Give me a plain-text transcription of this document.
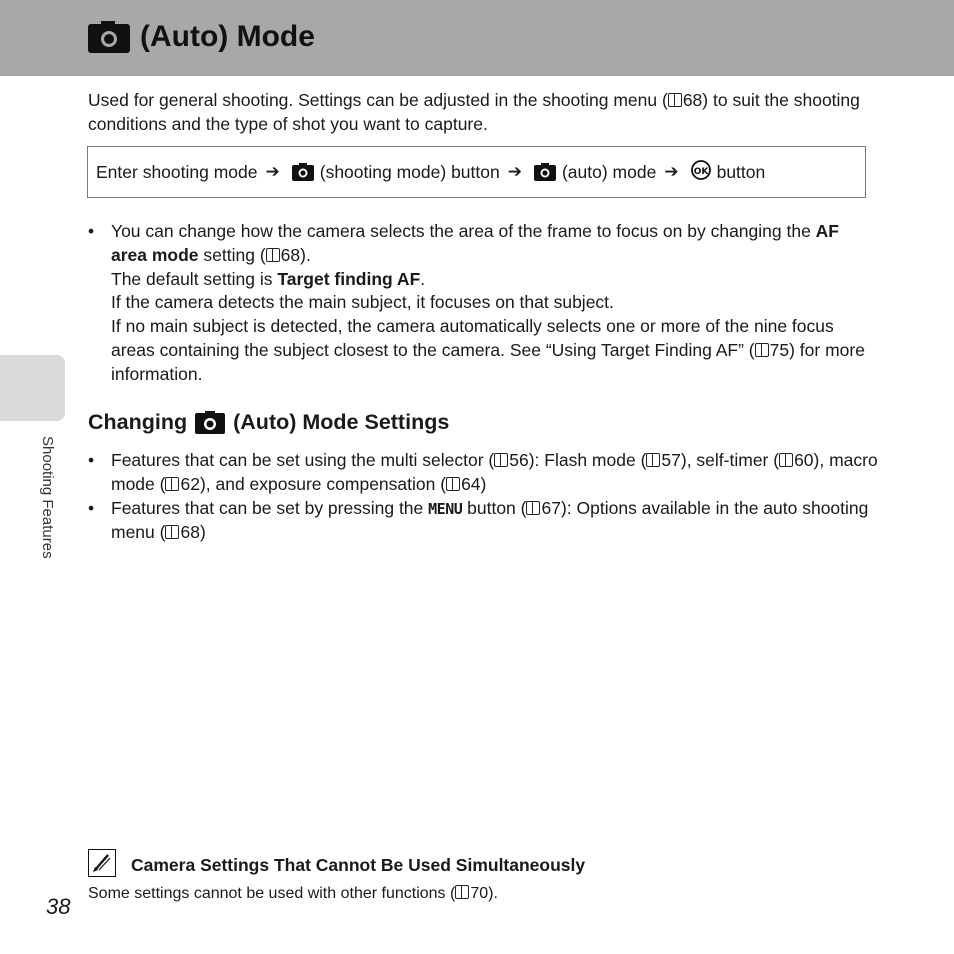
(Auto) Mode

Used for general shooting. Settings can be adjusted in the shooting menu ( 68) to suit the shooting conditions and the type of shot you want to capture.

Enter shooting mode ➔ (shooting mode) button ➔ (auto) mode ➔ OK button
• You can change how the camera selects the area of the frame to focus on by changing the AF area mode setting ( 68).
The default setting is Target finding AF.
If the camera detects the main subject, it focuses on that subject.
If no main subject is detected, the camera automatically selects one or more of the nine focus areas containing the subject closest to the camera. See “Using Target Finding AF” ( 75) for more information.
Changing (Auto) Mode Settings
• Features that can be set using the multi selector ( 56): Flash mode ( 57), self-timer ( 60), macro mode ( 62), and exposure compensation ( 64)
• Features that can be set by pressing the MENU button ( 67): Options available in the auto shooting menu ( 68)
Shooting Features
Camera Settings That Cannot Be Used Simultaneously

Some settings cannot be used with other functions ( 70).

38
